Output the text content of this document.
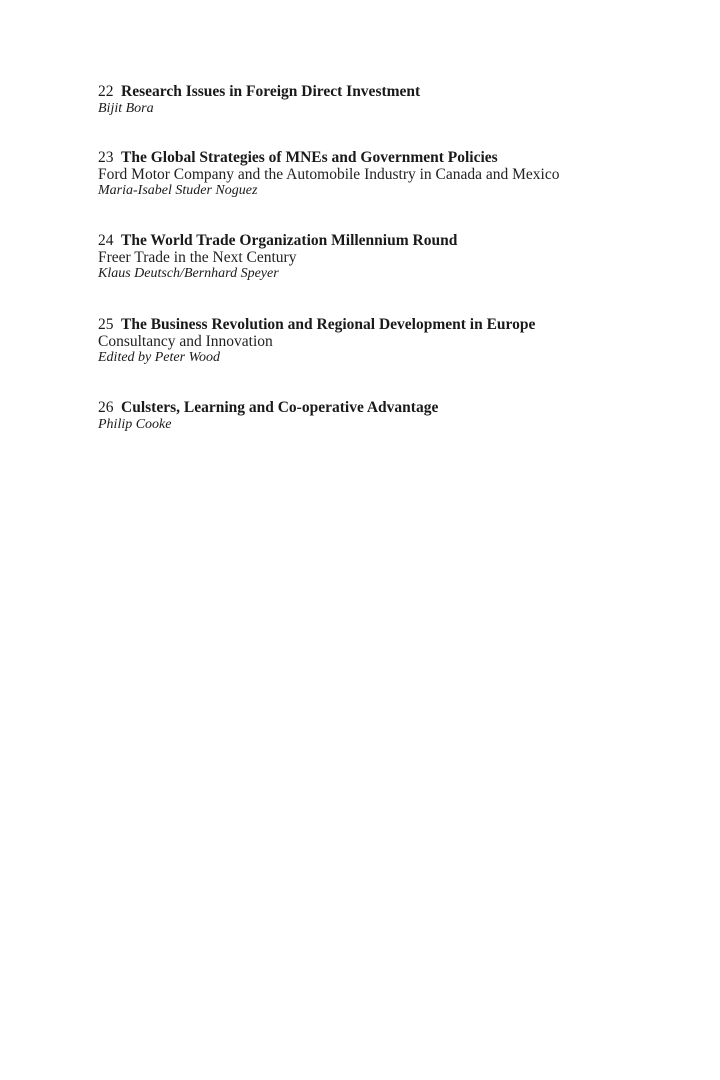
22 Research Issues in Foreign Direct Investment
Bijit Bora
23 The Global Strategies of MNEs and Government Policies
Ford Motor Company and the Automobile Industry in Canada and Mexico
Maria-Isabel Studer Noguez
24 The World Trade Organization Millennium Round
Freer Trade in the Next Century
Klaus Deutsch/Bernhard Speyer
25 The Business Revolution and Regional Development in Europe
Consultancy and Innovation
Edited by Peter Wood
26 Culsters, Learning and Co-operative Advantage
Philip Cooke
